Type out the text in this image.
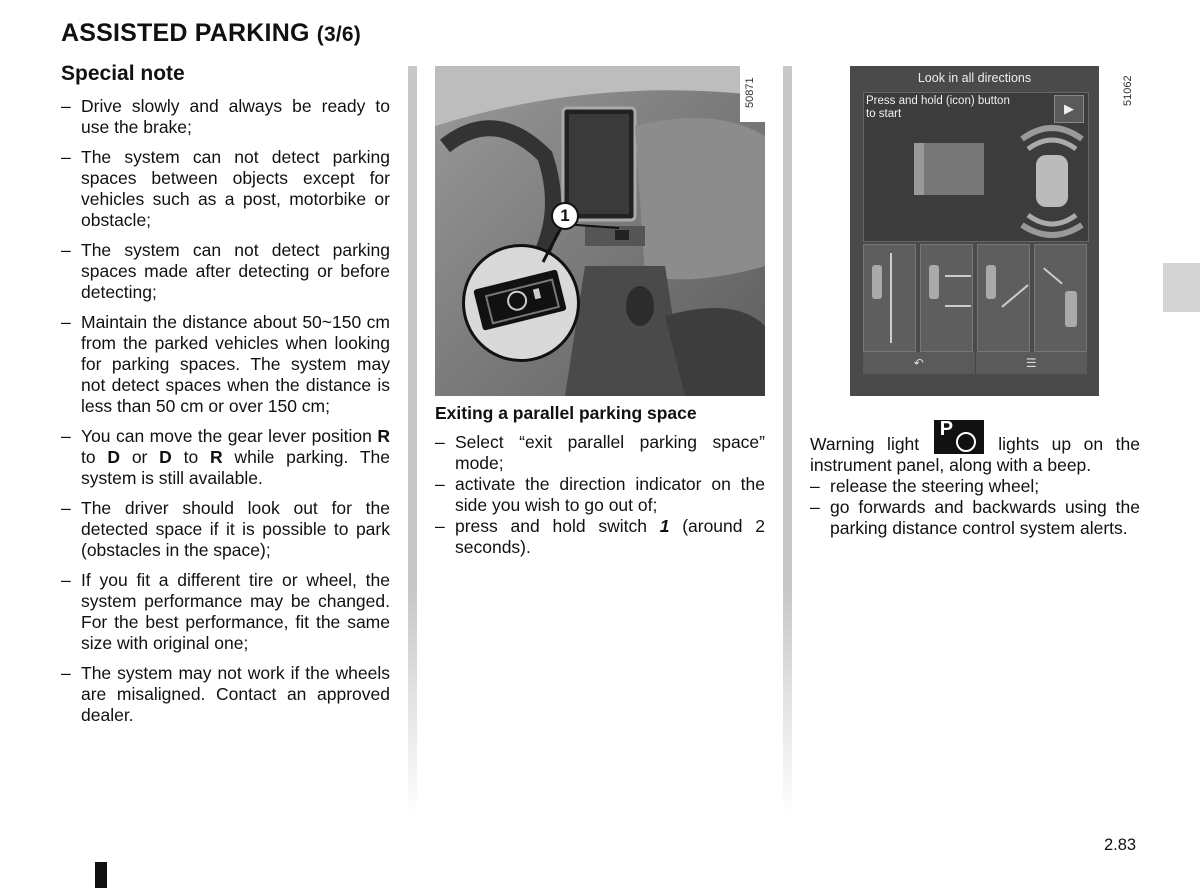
ASSISTED PARKING (3/6)
Special note
– Drive slowly and always be ready to use the brake;
– The system can not detect parking spaces between objects except for vehicles such as a post, motorbike or obstacle;
– The system can not detect parking spaces made after detecting or before detecting;
– Maintain the distance about 50~150 cm from the parked vehicles when looking for parking spaces. The system may not detect spaces when the distance is less than 50 cm or over 150 cm;
– You can move the gear lever position R to D or D to R while parking. The system is still available.
– The driver should look out for the detected space if it is possible to park (obstacles in the space);
– If you fit a different tire or wheel, the system performance may be changed. For the best performance, fit the same size with original one;
– The system may not work if the wheels are misaligned. Contact an approved dealer.
1
50871	Look in all directions
Press and hold (icon) button to start	▶
↶	☰
51062
Exiting a parallel parking space
– Select “exit parallel parking space” mode;
– activate the direction indicator on the side you wish to go out of;
– press and hold switch 1 (around 2 seconds).
Warning light
P
lights up on the instrument panel, along with a beep.
– release the steering wheel;
– go forwards and backwards using the parking distance control system alerts.
2.83
